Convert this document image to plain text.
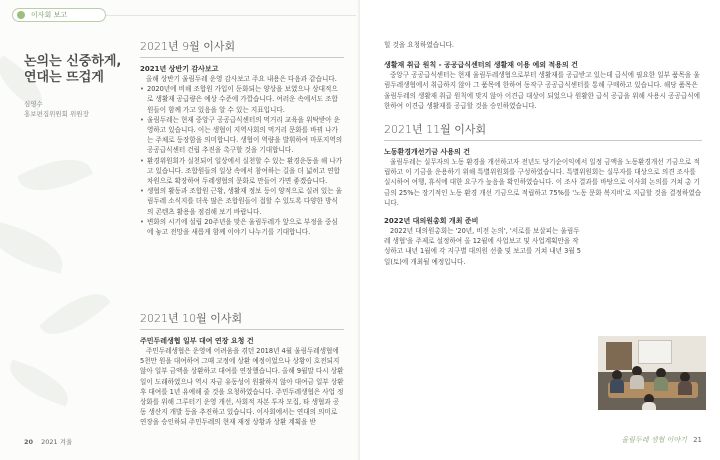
이사회 보고
논의는 신중하게,
연대는 뜨겁게
심영수
홍보편집위원회 위원장
2021년 9월 이사회
2021년 상반기 감사보고

올해 상반기 울림두레 운영 감사보고 주요 내용은 다음과 같습니다.

• 2020년에 비해 조합원 가입이 둔화되는 양상을 보였으나 상대적으로 생활재 공급량은 예상 수준에 가깝습니다. 여러운 속에서도 조합원들이 함께 가고 있음을 알 수 있는 지표입니다.
• 울림두레는 현재 중앙구 공공급식센터의 먹거리 교육을 위탁받아 운영하고 있습니다. 이는 생협이 지역사회의 먹거리 문화를 바꿔 나가는 주체로 등장함을 의미합니다. 생협이 역량을 발휘하여 마포지역의 공공급식센터 건립 추진을 촉구할 것을 기대합니다.
• 환경위원회가 실천되어 일상에서 실천할 수 있는 환경운동을 해 나가고 있습니다. 조합원들의 일상 속에서 참여하는 길을 더 넓히고 연합 차원으로 확장하여 두레생협의 문화로 만들어 가면 좋겠습니다.
• 생협의 활동과 조합원 근황, 생활재 정보 등이 양적으로 실려 있는 울림두레 소식지를 더욱 많은 조합원들이 접할 수 있도록 다양한 방식의 콘텐츠 활용을 점검해 보기 바랍니다.
• 변화의 시기에 설립 20주년을 맞은 울림두레가 앞으로 부정을 중심에 놓고 전망을 새롭게 함께 이야기 나누기를 기대합니다.
2021년 10월 이사회
주민두레생협 일부 대여 연장 요청 건

주민두레생협은 운영에 어려움을 겪던 2018년 4월 울림두레생협에 5천만 원을 대여하여 그때 고정에 상환 예정이었으나 상황이 호전되지 않아 일부 금액을 상환하고 대여를 연장했습니다. 올해 9월말 다시 상환일이 도래하였으나 역시 자금 유동성이 원활하지 않아 대여금 일부 상환 후 대여를 1년 유예해 줄 것을 요청하였습니다. 주민두레생협은 사업 정상화를 위해 그루터기 운영 개선, 사회적 자본 투자 모집, 타 생협과 공동 생산지 개발 등을 추진하고 있습니다. 이사회에서는 연대의 의미로 연장을 승인하되 주민두레의 현재 재정 상황과 상환 계획을 받

20 2021 겨울

힐 것을 요청하였습니다.

생활재 취급 원칙 - 공공급식센터의 생활재 이용 예외 적용의 건

중앙구 공공급식센터는 현재 울림두레생협으로부터 생활재를 공급받고 있는데 급식에 필요한 일부 품목을 울림두레생협에서 취급하지 않아 그 품목에 한하여 동작구 공공급식센터를 통해 구매하고 있습니다. 해당 품목은 울림두레의 생활재 취급 원칙에 맞지 않아 이견급 대상이 되었으나 원활한 급식 공급을 위해 사용시 공공급식에 한하여 이견급 생활재를 공급할 것을 승인하였습니다.

2021년 11월 이사회
노동환경개선기금 사용의 건

울림두레는 실무자의 노동 환경을 개선하고자 전년도 당기순이익에서 일정 금액을 노동환경개선 기금으로 적립하고 이 기금을 운용하기 위해 특별위원회를 구성하였습니다. 특별위원회는 실무자를 대상으로 의견 조사를 실시하여 여행, 휴식에 대한 요구가 높음을 확인하였습니다. 이 조사 결과를 바탕으로 이사회 논의를 거쳐 총 기금의 25%는 장기적인 노동 환경 개선 기금으로 적립하고 75%를 '노동 문화 복지비'로 지급할 것을 결정하였습니다.

2022년 대의원총회 개최 준비

2022년 대의원총회는 '20년, 비전 논의', '서로를 보살피는 울림두레 생협'을 주제로 설정하여 올 12월에 사업보고 및 사업계획안을 작성하고 내년 1월에 각 지구별 대의원 선출 및 보고를 거쳐 내년 3월 5일(토)에 개최될 예정입니다.

울림두레 생협 이야기 21
